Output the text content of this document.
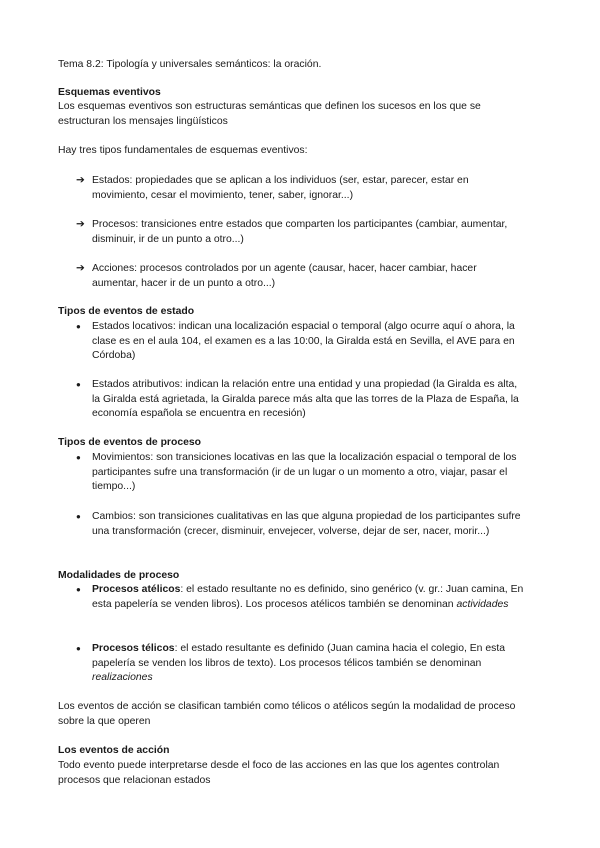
Tema 8.2: Tipología y universales semánticos: la oración.
Esquemas eventivos
Los esquemas eventivos son estructuras semánticas que definen los sucesos en los que se estructuran los mensajes lingüísticos
Hay tres tipos fundamentales de esquemas eventivos:
➔ Estados: propiedades que se aplican a los individuos (ser, estar, parecer, estar en movimiento, cesar el movimiento, tener, saber, ignorar...)
➔ Procesos: transiciones entre estados que comparten los participantes (cambiar, aumentar, disminuir, ir de un punto a otro...)
➔ Acciones: procesos controlados por un agente (causar, hacer, hacer cambiar, hacer aumentar, hacer ir de un punto a otro...)
Tipos de eventos de estado
● Estados locativos: indican una localización espacial o temporal (algo ocurre aquí o ahora, la clase es en el aula 104, el examen es a las 10:00, la Giralda está en Sevilla, el AVE para en Córdoba)
● Estados atributivos: indican la relación entre una entidad y una propiedad (la Giralda es alta, la Giralda está agrietada, la Giralda parece más alta que las torres de la Plaza de España, la economía española se encuentra en recesión)
Tipos de eventos de proceso
● Movimientos: son transiciones locativas en las que la localización espacial o temporal de los participantes sufre una transformación (ir de un lugar o un momento a otro, viajar, pasar el tiempo...)
● Cambios: son transiciones cualitativas en las que alguna propiedad de los participantes sufre una transformación (crecer, disminuir, envejecer, volverse, dejar de ser, nacer, morir...)
Modalidades de proceso
● Procesos atélicos: el estado resultante no es definido, sino genérico (v. gr.: Juan camina, En esta papelería se venden libros). Los procesos atélicos también se denominan actividades
● Procesos télicos: el estado resultante es definido (Juan camina hacia el colegio, En esta papelería se venden los libros de texto). Los procesos télicos también se denominan realizaciones
Los eventos de acción se clasifican también como télicos o atélicos según la modalidad de proceso sobre la que operen
Los eventos de acción
Todo evento puede interpretarse desde el foco de las acciones en las que los agentes controlan procesos que relacionan estados
